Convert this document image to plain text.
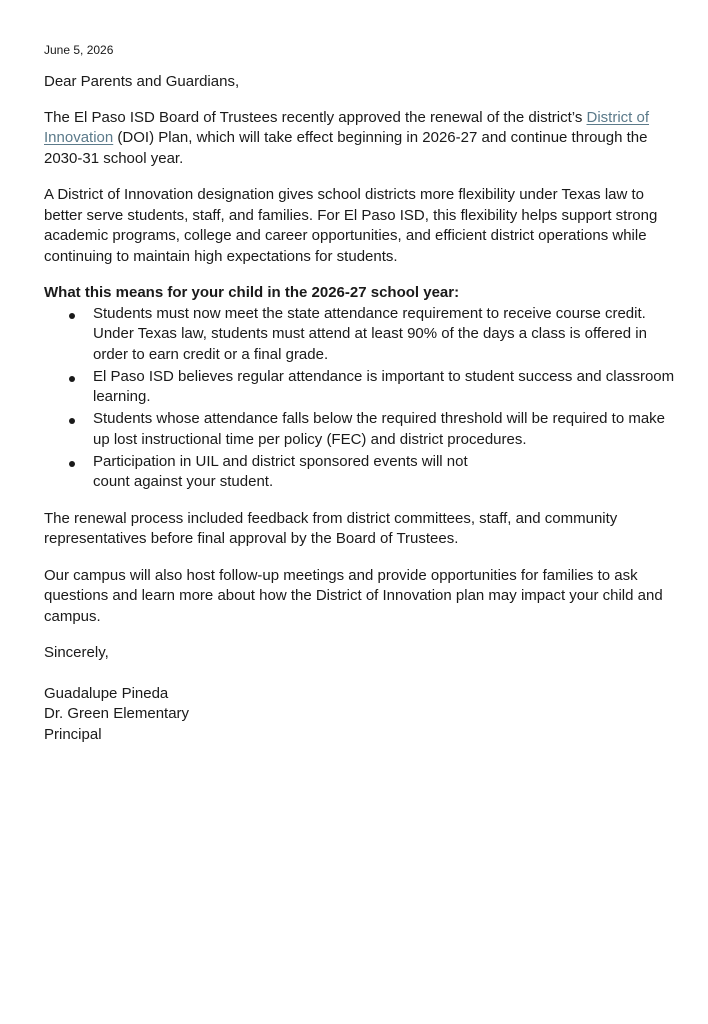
June 5, 2026

Dear Parents and Guardians,

The El Paso ISD Board of Trustees recently approved the renewal of the district’s District of Innovation (DOI) Plan, which will take effect beginning in 2026-27 and continue through the 2030-31 school year.

A District of Innovation designation gives school districts more flexibility under Texas law to better serve students, staff, and families. For El Paso ISD, this flexibility helps support strong academic programs, college and career opportunities, and efficient district operations while continuing to maintain high expectations for students.

What this means for your child in the 2026-27 school year:
Students must now meet the state attendance requirement to receive course credit. Under Texas law, students must attend at least 90% of the days a class is offered in order to earn credit or a final grade.
El Paso ISD believes regular attendance is important to student success and classroom learning.
Students whose attendance falls below the required threshold will be required to make up lost instructional time per policy (FEC) and district procedures.
Participation in UIL and district sponsored events will not count against your student.

The renewal process included feedback from district committees, staff, and community representatives before final approval by the Board of Trustees.

Our campus will also host follow-up meetings and provide opportunities for families to ask questions and learn more about how the District of Innovation plan may impact your child and campus.

Sincerely,

Guadalupe Pineda
Dr. Green Elementary
Principal
